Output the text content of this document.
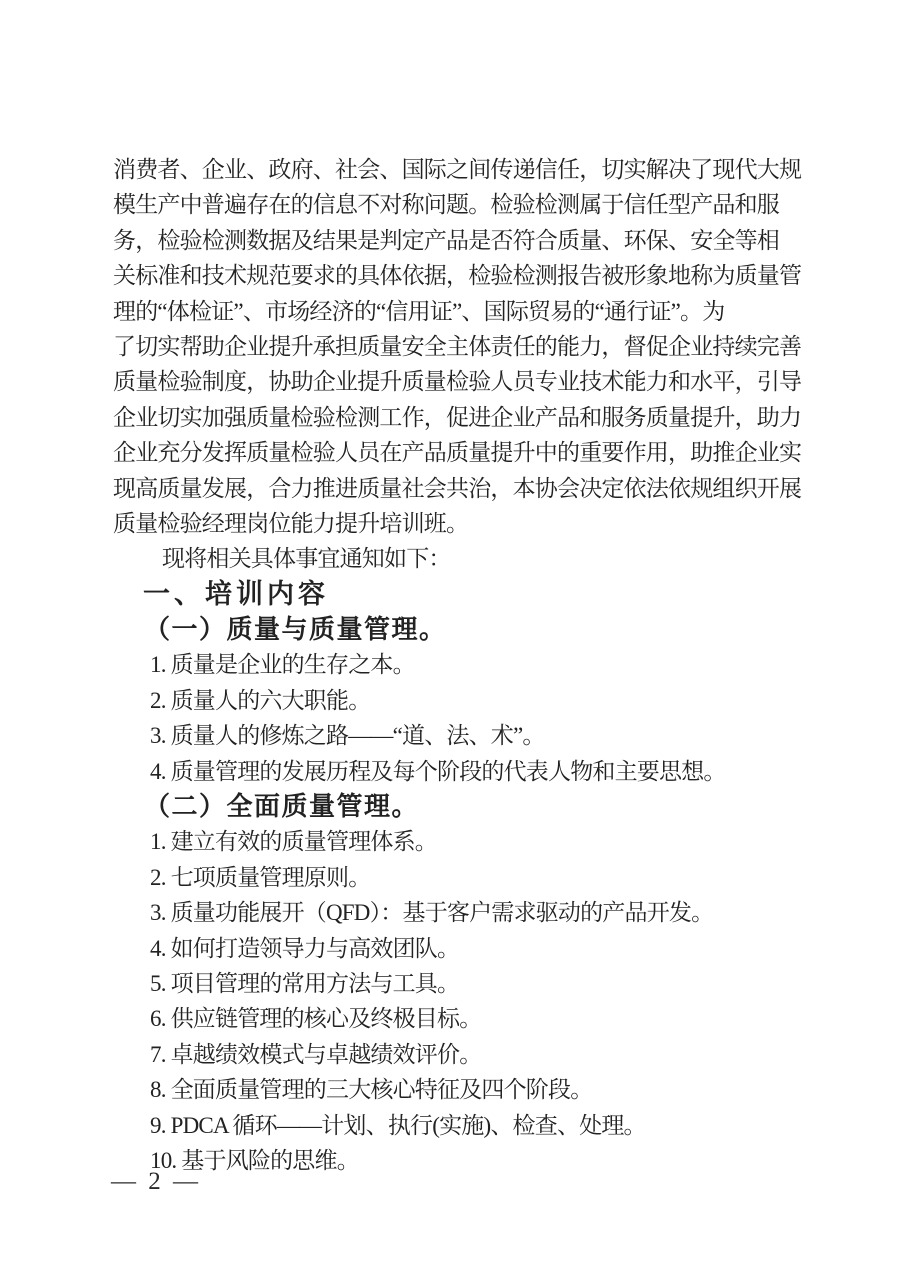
消费者、企业、政府、社会、国际之间传递信任，切实解决了现代大规
模生产中普遍存在的信息不对称问题。检验检测属于信任型产品和服
务，检验检测数据及结果是判定产品是否符合质量、环保、安全等相
关标准和技术规范要求的具体依据，检验检测报告被形象地称为质量管
理的“体检证”、市场经济的“信用证”、国际贸易的“通行证”。为
了切实帮助企业提升承担质量安全主体责任的能力，督促企业持续完善
质量检验制度，协助企业提升质量检验人员专业技术能力和水平，引导
企业切实加强质量检验检测工作，促进企业产品和服务质量提升，助力
企业充分发挥质量检验人员在产品质量提升中的重要作用，助推企业实
现高质量发展，合力推进质量社会共治，本协会决定依法依规组织开展
质量检验经理岗位能力提升培训班。
现将相关具体事宜通知如下：
一、培训内容
（一）质量与质量管理。
1. 质量是企业的生存之本。
2. 质量人的六大职能。
3. 质量人的修炼之路——“道、法、术”。
4. 质量管理的发展历程及每个阶段的代表人物和主要思想。
（二）全面质量管理。
1. 建立有效的质量管理体系。
2. 七项质量管理原则。
3. 质量功能展开（QFD）：基于客户需求驱动的产品开发。
4. 如何打造领导力与高效团队。
5. 项目管理的常用方法与工具。
6. 供应链管理的核心及终极目标。
7. 卓越绩效模式与卓越绩效评价。
8. 全面质量管理的三大核心特征及四个阶段。
9. PDCA 循环——计划、执行(实施)、检查、处理。
10. 基于风险的思维。
— 2 —
